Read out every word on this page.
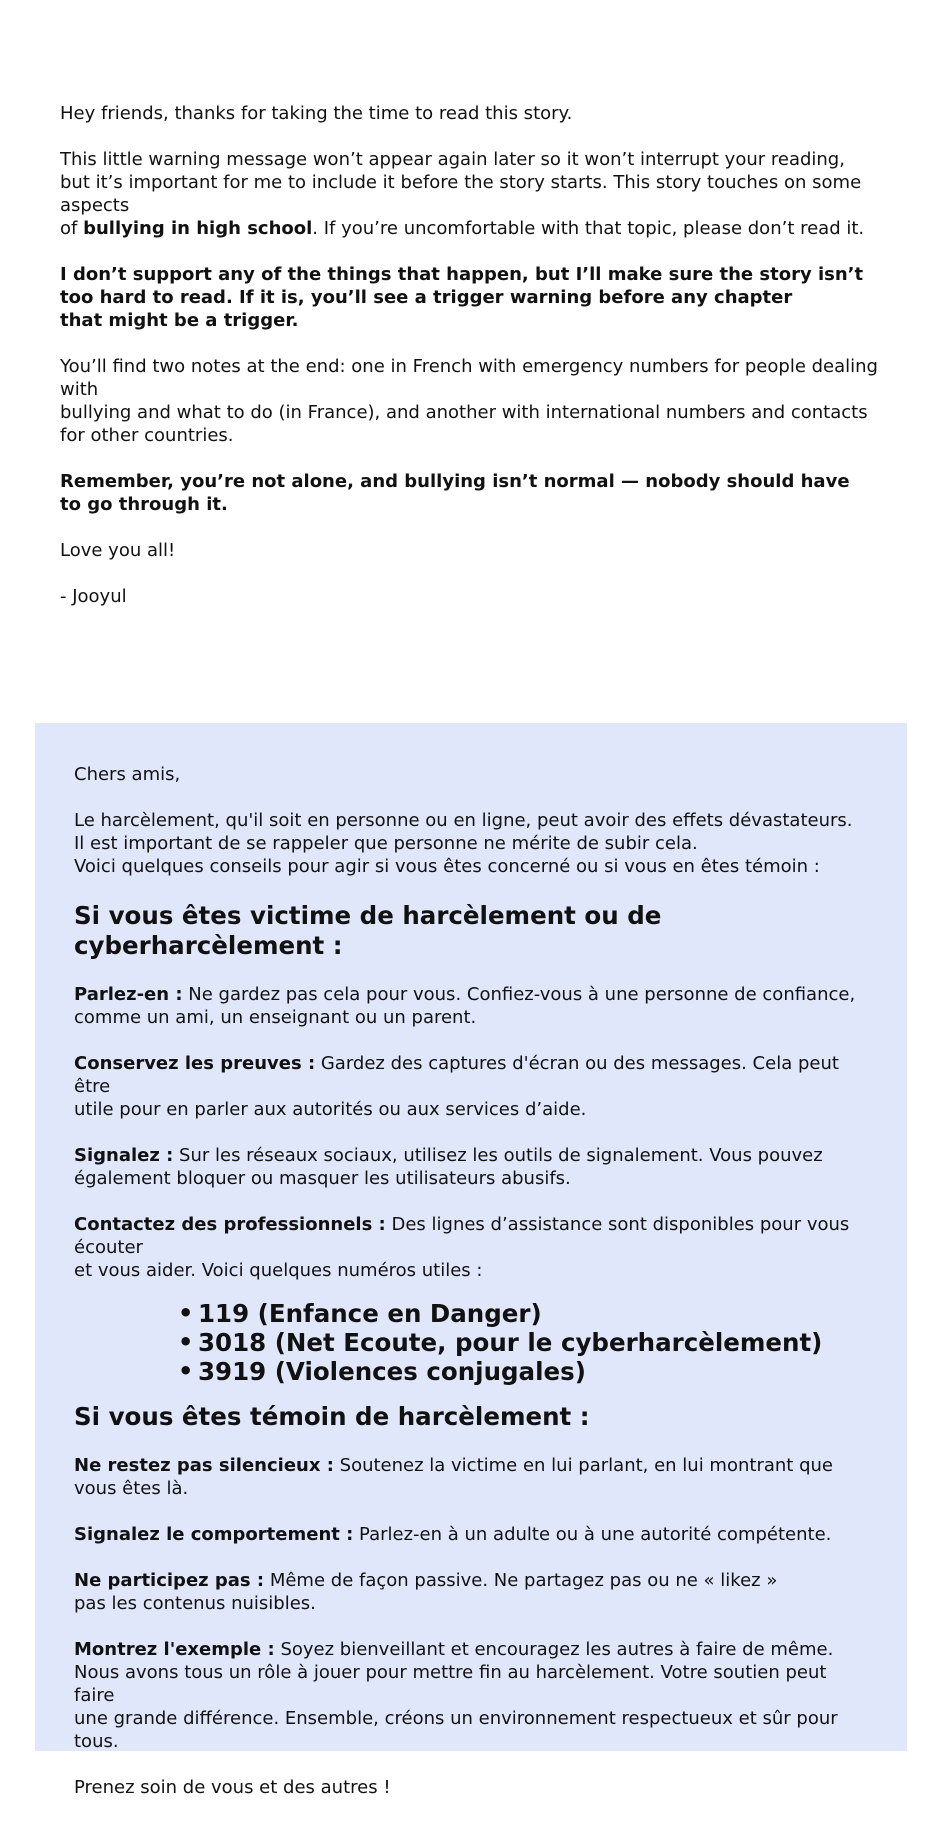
Hey friends, thanks for taking the time to read this story.

This little warning message won’t appear again later so it won’t interrupt your reading,
but it’s important for me to include it before the story starts. This story touches on some aspects
of bullying in high school. If you’re uncomfortable with that topic, please don’t read it.

I don’t support any of the things that happen, but I’ll make sure the story isn’t
too hard to read. If it is, you’ll see a trigger warning before any chapter
that might be a trigger.

You’ll find two notes at the end: one in French with emergency numbers for people dealing with
bullying and what to do (in France), and another with international numbers and contacts
for other countries.

Remember, you’re not alone, and bullying isn’t normal — nobody should have
to go through it.

Love you all!

- Jooyul

Chers amis,

Le harcèlement, qu'il soit en personne ou en ligne, peut avoir des effets dévastateurs.
Il est important de se rappeler que personne ne mérite de subir cela.
Voici quelques conseils pour agir si vous êtes concerné ou si vous en êtes témoin :

Si vous êtes victime de harcèlement ou de cyberharcèlement :

Parlez-en : Ne gardez pas cela pour vous. Confiez-vous à une personne de confiance,
comme un ami, un enseignant ou un parent.

Conservez les preuves : Gardez des captures d'écran ou des messages. Cela peut être
utile pour en parler aux autorités ou aux services d’aide.

Signalez : Sur les réseaux sociaux, utilisez les outils de signalement. Vous pouvez
également bloquer ou masquer les utilisateurs abusifs.

Contactez des professionnels : Des lignes d’assistance sont disponibles pour vous écouter
et vous aider. Voici quelques numéros utiles :

• 119 (Enfance en Danger)
• 3018 (Net Ecoute, pour le cyberharcèlement)
• 3919 (Violences conjugales)
Si vous êtes témoin de harcèlement :

Ne restez pas silencieux : Soutenez la victime en lui parlant, en lui montrant que
vous êtes là.

Signalez le comportement : Parlez-en à un adulte ou à une autorité compétente.

Ne participez pas : Même de façon passive. Ne partagez pas ou ne « likez »
pas les contenus nuisibles.

Montrez l'exemple : Soyez bienveillant et encouragez les autres à faire de même.
Nous avons tous un rôle à jouer pour mettre fin au harcèlement. Votre soutien peut faire
une grande différence. Ensemble, créons un environnement respectueux et sûr pour tous.

Prenez soin de vous et des autres !
